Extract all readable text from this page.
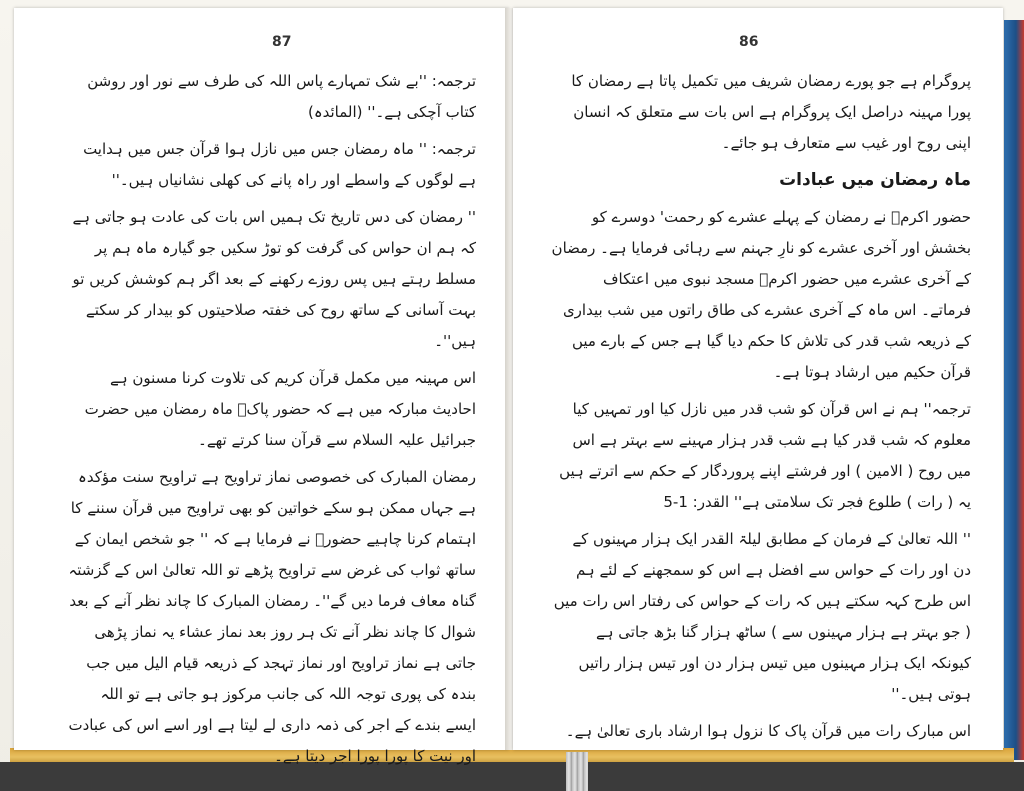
87

ترجمہ: ''بے شک تمہارے پاس اللہ کی طرف سے نور اور روشن کتاب آچکی ہے۔'' (المائدہ)

ترجمہ: '' ماہ رمضان جس میں نازل ہوا قرآن جس میں ہدایت ہے لوگوں کے واسطے اور راہ پانے کی کھلی نشانیاں ہیں۔''

'' رمضان کی دس تاریخ تک ہمیں اس بات کی عادت ہو جاتی ہے کہ ہم ان حواس کی گرفت کو توڑ سکیں جو گیارہ ماہ ہم پر مسلط رہتے ہیں پس روزے رکھنے کے بعد اگر ہم کوشش کریں تو بہت آسانی کے ساتھ روح کی خفتہ صلاحیتوں کو بیدار کر سکتے ہیں''۔

اس مہینہ میں مکمل قرآن کریم کی تلاوت کرنا مسنون ہے احادیث مبارکہ میں ہے کہ حضور پاکؐ ماہ رمضان میں حضرت جبرائیل علیہ السلام سے قرآن سنا کرتے تھے۔

رمضان المبارک کی خصوصی نماز تراویح ہے تراویح سنت مؤکدہ ہے جہاں ممکن ہو سکے خواتین کو بھی تراویح میں قرآن سننے کا اہتمام کرنا چاہیے حضورؐ نے فرمایا ہے کہ '' جو شخص ایمان کے ساتھ ثواب کی غرض سے تراویح پڑھے تو اللہ تعالیٰ اس کے گزشتہ گناہ معاف فرما دیں گے''۔ رمضان المبارک کا چاند نظر آنے کے بعد شوال کا چاند نظر آنے تک ہر روز بعد نماز عشاء یہ نماز پڑھی جاتی ہے نماز تراویح اور نماز تہجد کے ذریعہ قیام الیل میں جب بندہ کی پوری توجہ اللہ کی جانب مرکوز ہو جاتی ہے تو اللہ ایسے بندے کے اجر کی ذمہ داری لے لیتا ہے اور اسے اس کی عبادت اور نیت کا پورا پورا اجر دیتا ہے۔

86

پروگرام ہے جو پورے رمضان شریف میں تکمیل پاتا ہے رمضان کا پورا مہینہ دراصل ایک پروگرام ہے اس بات سے متعلق کہ انسان اپنی روح اور غیب سے متعارف ہو جائے۔

ماہ رمضان میں عبادات

حضور اکرمؐ نے رمضان کے پہلے عشرے کو رحمت' دوسرے کو بخشش اور آخری عشرے کو نارِ جہنم سے رہائی فرمایا ہے۔ رمضان کے آخری عشرے میں حضور اکرمؐ مسجد نبوی میں اعتکاف فرماتے۔ اس ماہ کے آخری عشرے کی طاق راتوں میں شب بیداری کے ذریعہ شب قدر کی تلاش کا حکم دیا گیا ہے جس کے بارے میں قرآن حکیم میں ارشاد ہوتا ہے۔

ترجمہ'' ہم نے اس قرآن کو شب قدر میں نازل کیا اور تمہیں کیا معلوم کہ شب قدر کیا ہے شب قدر ہزار مہینے سے بہتر ہے اس میں روح ( الامین ) اور فرشتے اپنے پروردگار کے حکم سے اترتے ہیں یہ ( رات ) طلوع فجر تک سلامتی ہے'' القدر: 1-5

'' اللہ تعالیٰ کے فرمان کے مطابق لیلۃ القدر ایک ہزار مہینوں کے دن اور رات کے حواس سے افضل ہے اس کو سمجھنے کے لئے ہم اس طرح کہہ سکتے ہیں کہ رات کے حواس کی رفتار اس رات میں ( جو بہتر ہے ہزار مہینوں سے ) ساٹھ ہزار گنا بڑھ جاتی ہے کیونکہ ایک ہزار مہینوں میں تیس ہزار دن اور تیس ہزار راتیں ہوتی ہیں۔''

اس مبارک رات میں قرآن پاک کا نزول ہوا ارشاد باری تعالیٰ ہے۔
